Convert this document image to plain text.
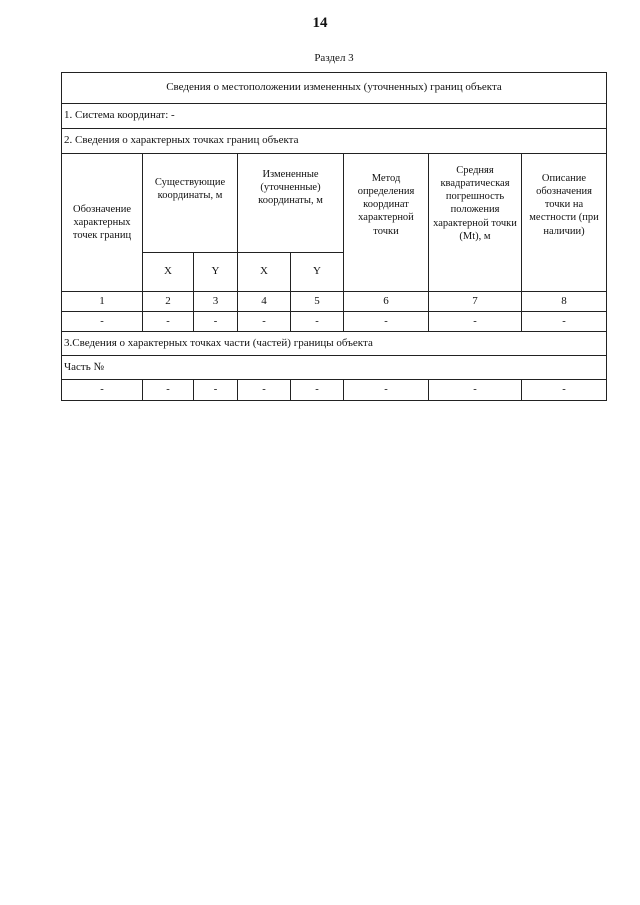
14
Раздел 3
Сведения о местоположении измененных (уточненных) границ объекта							
1. Система координат: -							
2. Сведения о характерных точках границ объекта							
Обозначение характерных точек границ	Существующие координаты, м		Измененные (уточненные) координаты, м		Метод определения координат характерной точки	Средняя квадратическая погрешность положения характерной точки (Mt), м	Описание обозначения точки на местности (при наличии)
	X	Y	X	Y			
1	2	3	4	5	6	7	8
-	-	-	-	-	-	-	-
3.Сведения о характерных точках части (частей) границы объекта							
Часть №							
-	-	-	-	-	-	-	-
